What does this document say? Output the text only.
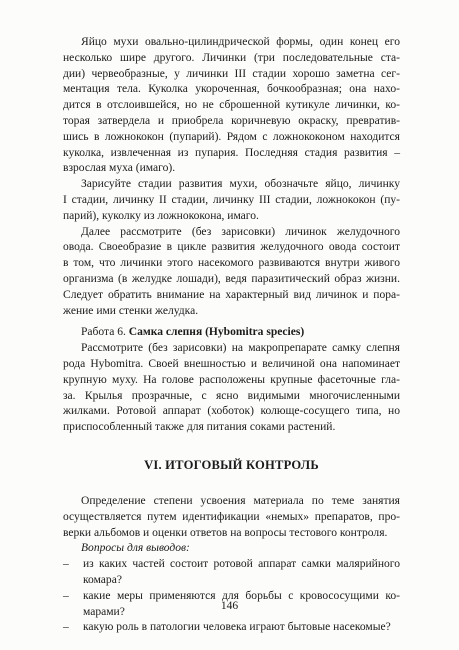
Яйцо мухи овально-цилиндрической формы, один конец его
несколько шире другого. Личинки (три последовательные ста-
дии) червеобразные, у личинки III стадии хорошо заметна сег-
ментация тела. Куколка укороченная, бочкообразная; она нахо-
дится в отслоившейся, но не сброшенной кутикуле личинки, ко-
торая затвердела и приобрела коричневую окраску, превратив-
шись в ложнококон (пупарий). Рядом с ложнококоном находится
куколка, извлеченная из пупария. Последняя стадия развития –
взрослая муха (имаго).
Зарисуйте стадии развития мухи, обозначьте яйцо, личинку
I стадии, личинку II стадии, личинку III стадии, ложнококон (пу-
парий), куколку из ложнококона, имаго.
Далее рассмотрите (без зарисовки) личинок желудочного
овода. Своеобразие в цикле развития желудочного овода состоит
в том, что личинки этого насекомого развиваются внутри живого
организма (в желудке лошади), ведя паразитический образ жизни.
Следует обратить внимание на характерный вид личинок и пора-
жение ими стенки желудка.
Работа 6. Самка слепня (Hybomitra species)
Рассмотрите (без зарисовки) на макропрепарате самку слепня
рода Hybomitra. Своей внешностью и величиной она напоминает
крупную муху. На голове расположены крупные фасеточные гла-
за. Крылья прозрачные, с ясно видимыми многочисленными
жилками. Ротовой аппарат (хоботок) колюще-сосущего типа, но
приспособленный также для питания соками растений.
VI. ИТОГОВЫЙ КОНТРОЛЬ
Определение степени усвоения материала по теме занятия
осуществляется путем идентификации «немых» препаратов, про-
верки альбомов и оценки ответов на вопросы тестового контроля.
Вопросы для выводов:
–	из каких частей состоит ротовой аппарат самки малярийного
комара?
–	какие меры применяются для борьбы с кровососущими ко-
марами?
–	какую роль в патологии человека играют бытовые насекомые?
146
